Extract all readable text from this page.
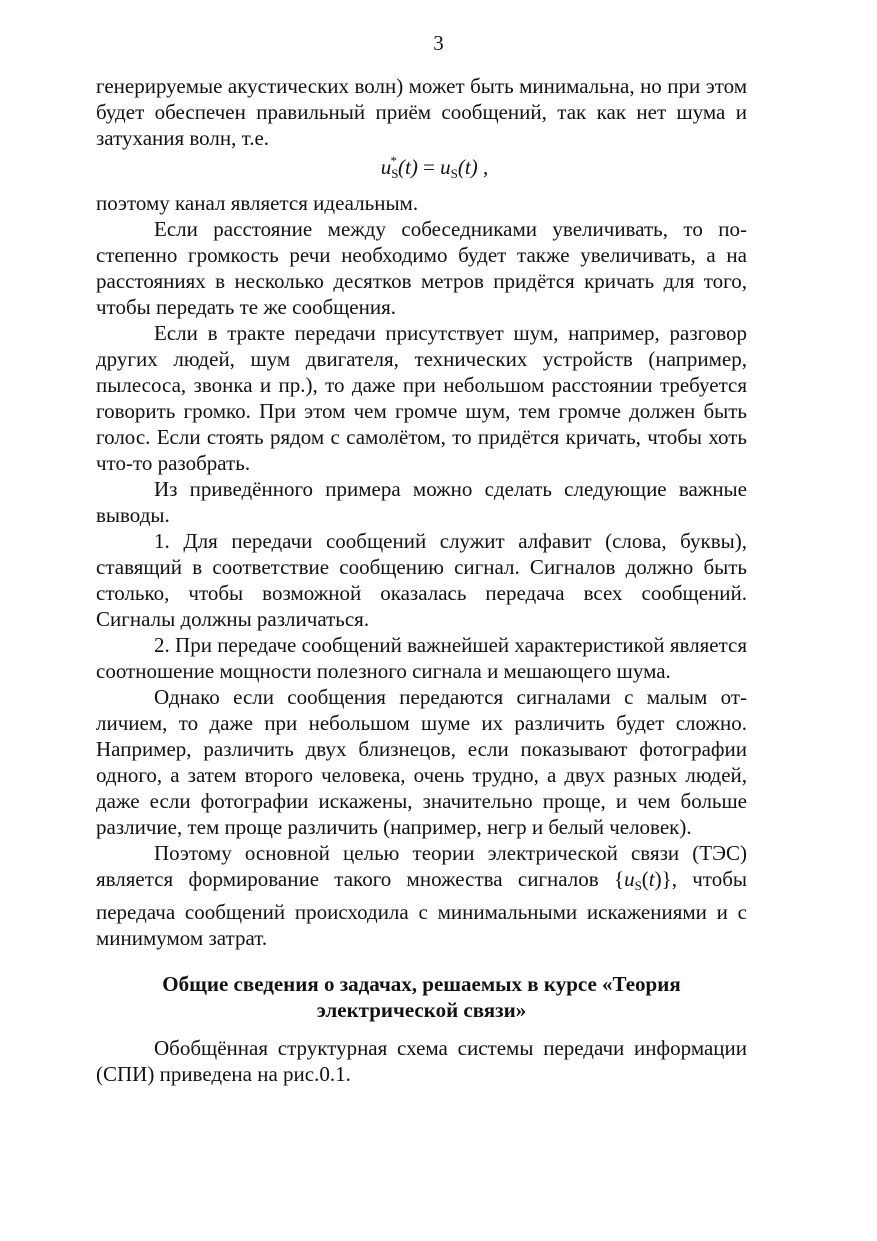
3

генерируемые акустических волн) может быть минимальна, но при этом будет обеспечен правильный приём сообщений, так как нет шума и затухания волн, т.е.

$u_S^*(t) = u_S(t)$ ,

поэтому канал является идеальным.

Если расстояние между собеседниками увеличивать, то постепенно громкость речи необходимо будет также увеличивать, а на расстояниях в несколько десятков метров придётся кричать для того, чтобы передать те же сообщения.

Если в тракте передачи присутствует шум, например, разговор других людей, шум двигателя, технических устройств (например, пылесоса, звонка и пр.), то даже при небольшом расстоянии требуется говорить громко. При этом чем громче шум, тем громче должен быть голос. Если стоять рядом с самолётом, то придётся кричать, чтобы хоть что-то разобрать.

Из приведённого примера можно сделать следующие важные выводы.

1. Для передачи сообщений служит алфавит (слова, буквы), ставящий в соответствие сообщению сигнал. Сигналов должно быть столько, чтобы возможной оказалась передача всех сообщений. Сигналы должны различаться.

2. При передаче сообщений важнейшей характеристикой является соотношение мощности полезного сигнала и мешающего шума.

Однако если сообщения передаются сигналами с малым отличием, то даже при небольшом шуме их различить будет сложно. Например, различить двух близнецов, если показывают фотографии одного, а затем второго человека, очень трудно, а двух разных людей, даже если фотографии искажены, значительно проще, и чем больше различие, тем проще различить (например, негр и белый человек).

Поэтому основной целью теории электрической связи (ТЭС) является формирование такого множества сигналов $\{u_S(t)\}$, чтобы передача сообщений происходила с минимальными искажениями и с минимумом затрат.

Общие сведения о задачах, решаемых в курсе «Теория электрической связи»

Обобщённая структурная схема системы передачи информации (СПИ) приведена на рис.0.1.
